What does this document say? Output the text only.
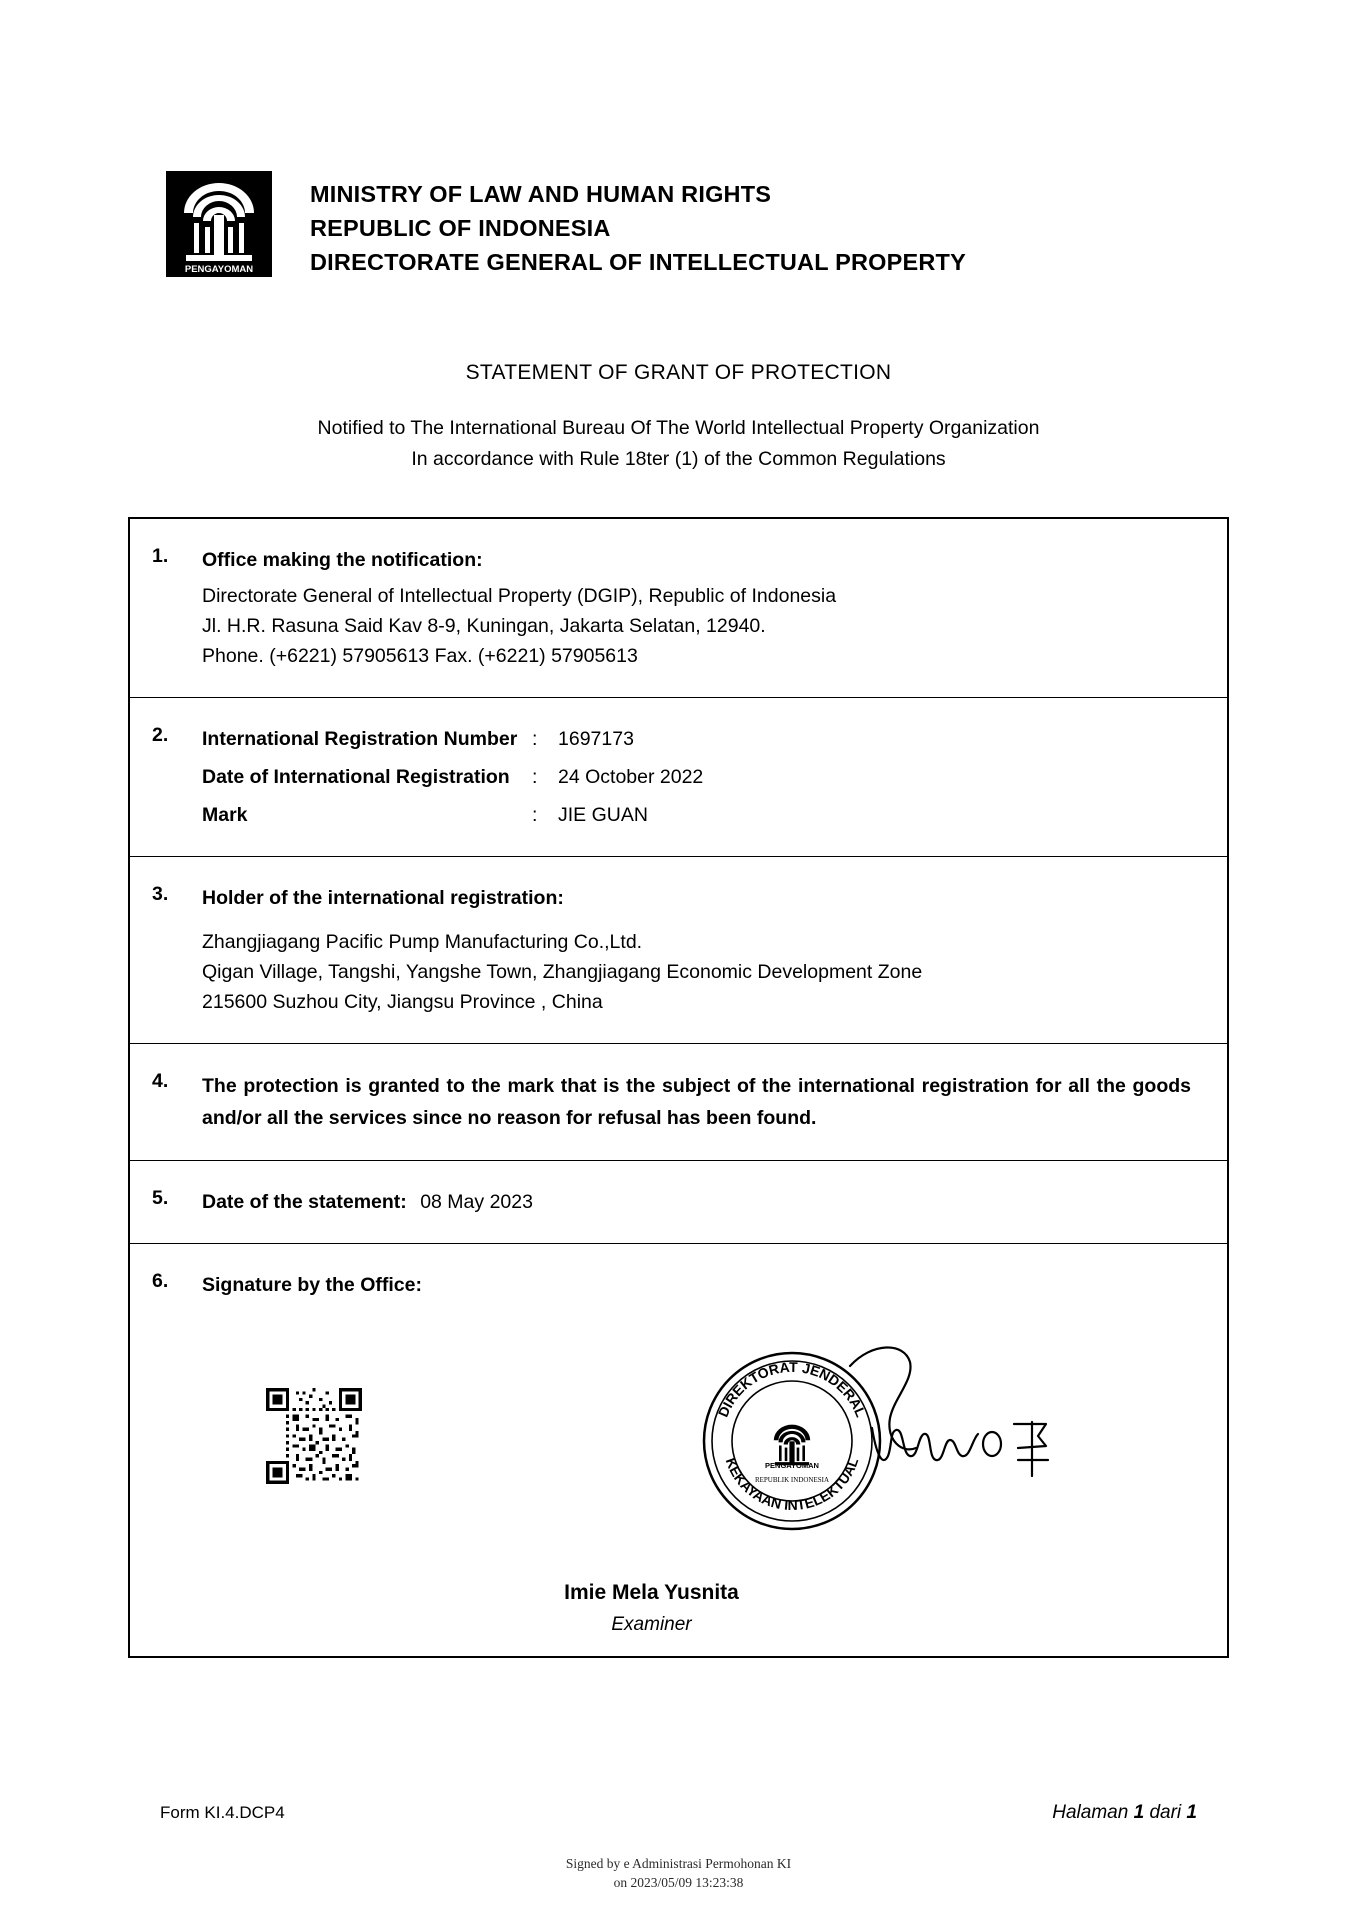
PENGAYOMAN
MINISTRY OF LAW AND HUMAN RIGHTS
REPUBLIC OF INDONESIA
DIRECTORATE GENERAL OF INTELLECTUAL PROPERTY
STATEMENT OF GRANT OF PROTECTION
Notified to The International Bureau Of The World Intellectual Property Organization
In accordance with Rule 18ter (1) of the Common Regulations
1.	Office making the notification:
Directorate General of Intellectual Property (DGIP), Republic of Indonesia
Jl. H.R. Rasuna Said Kav 8-9, Kuningan, Jakarta Selatan, 12940.
Phone. (+6221) 57905613 Fax. (+6221) 57905613
2.	International Registration Number :	1697173
Date of International Registration	:	24 October 2022
Mark	:	JIE GUAN
3.	Holder of the international registration:
Zhangjiagang Pacific Pump Manufacturing Co.,Ltd.
Qigan Village, Tangshi, Yangshe Town, Zhangjiagang Economic Development Zone
215600 Suzhou City, Jiangsu Province , China
4.	The protection is granted to the mark that is the subject of the international registration for all the goods and/or all the services since no reason for refusal has been found.
5.	Date of the statement: 08 May 2023
6.	Signature by the Office:
DIREKTORAT JENDERAL
KEKAYAAN INTELEKTUAL
PENGAYOMAN
REPUBLIK INDONESIA
Imie Mela Yusnita
Examiner
Form KI.4.DCP4	Halaman 1 dari 1
Signed by e Administrasi Permohonan KI
on 2023/05/09 13:23:38
